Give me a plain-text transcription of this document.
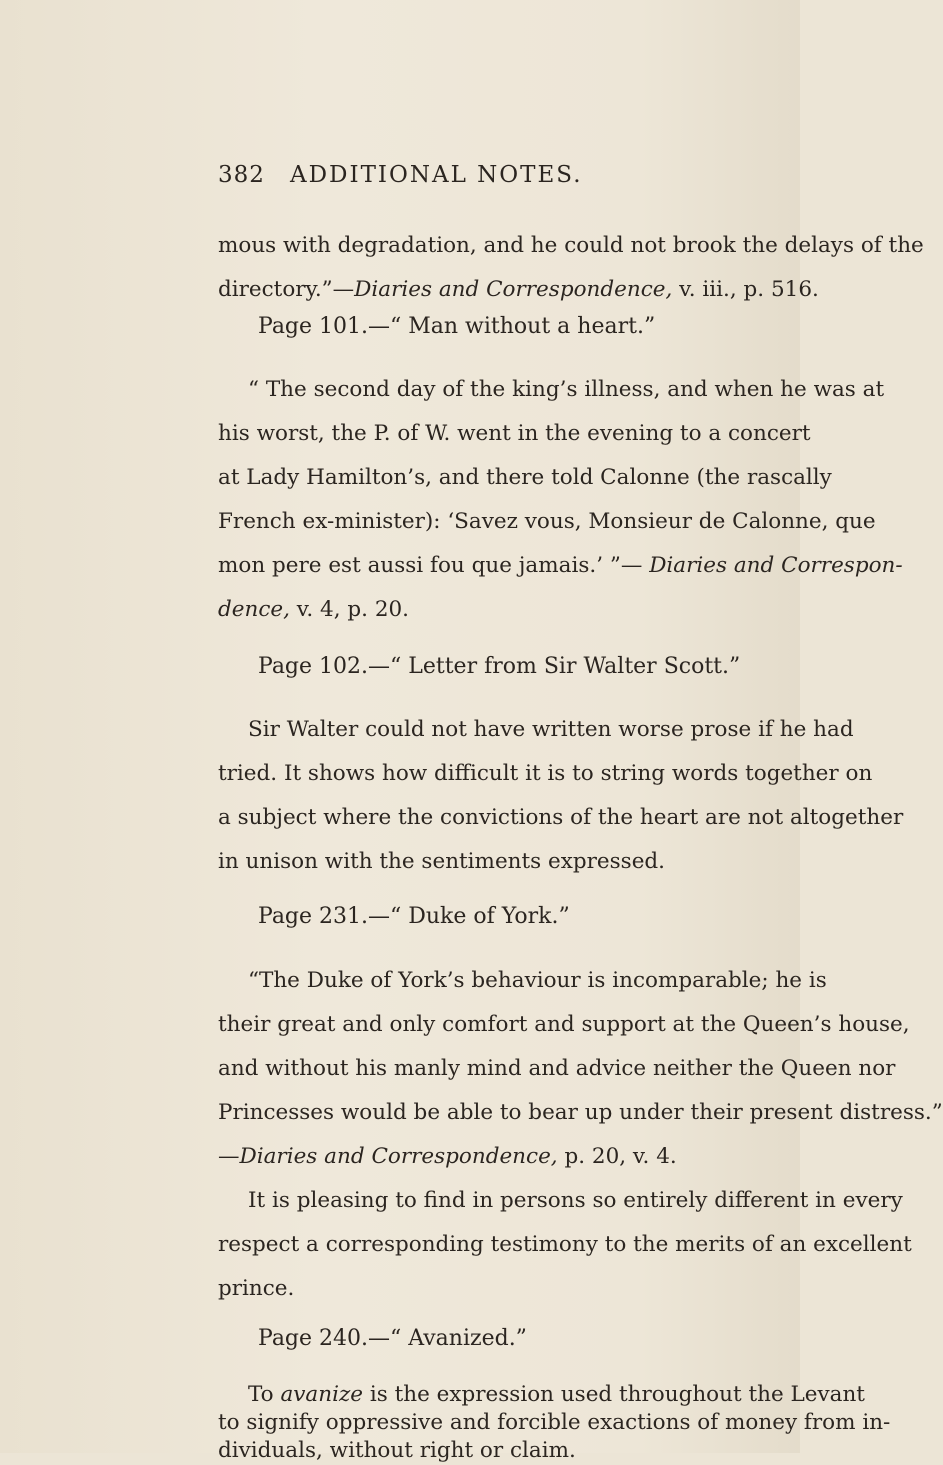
382 ADDITIONAL NOTES.
mous with degradation, and he could not brook the delays of the
directory.”—Diaries and Correspondence, v. iii., p. 516.
Page 101.—“ Man without a heart.”
“ The second day of the king’s illness, and when he was at
his worst, the P. of W. went in the evening to a concert
at Lady Hamilton’s, and there told Calonne (the rascally
French ex-minister): ‘Savez vous, Monsieur de Calonne, que
mon pere est aussi fou que jamais.’ ”— Diaries and Correspon-
dence, v. 4, p. 20.
Page 102.—“ Letter from Sir Walter Scott.”
Sir Walter could not have written worse prose if he had
tried. It shows how difficult it is to string words together on
a subject where the convictions of the heart are not altogether
in unison with the sentiments expressed.
Page 231.—“ Duke of York.”
“The Duke of York’s behaviour is incomparable; he is
their great and only comfort and support at the Queen’s house,
and without his manly mind and advice neither the Queen nor
Princesses would be able to bear up under their present distress.”
—Diaries and Correspondence, p. 20, v. 4.
It is pleasing to find in persons so entirely different in every
respect a corresponding testimony to the merits of an excellent
prince.
Page 240.—“ Avanized.”
To avanize is the expression used throughout the Levant
to signify oppressive and forcible exactions of money from in-
dividuals, without right or claim.
